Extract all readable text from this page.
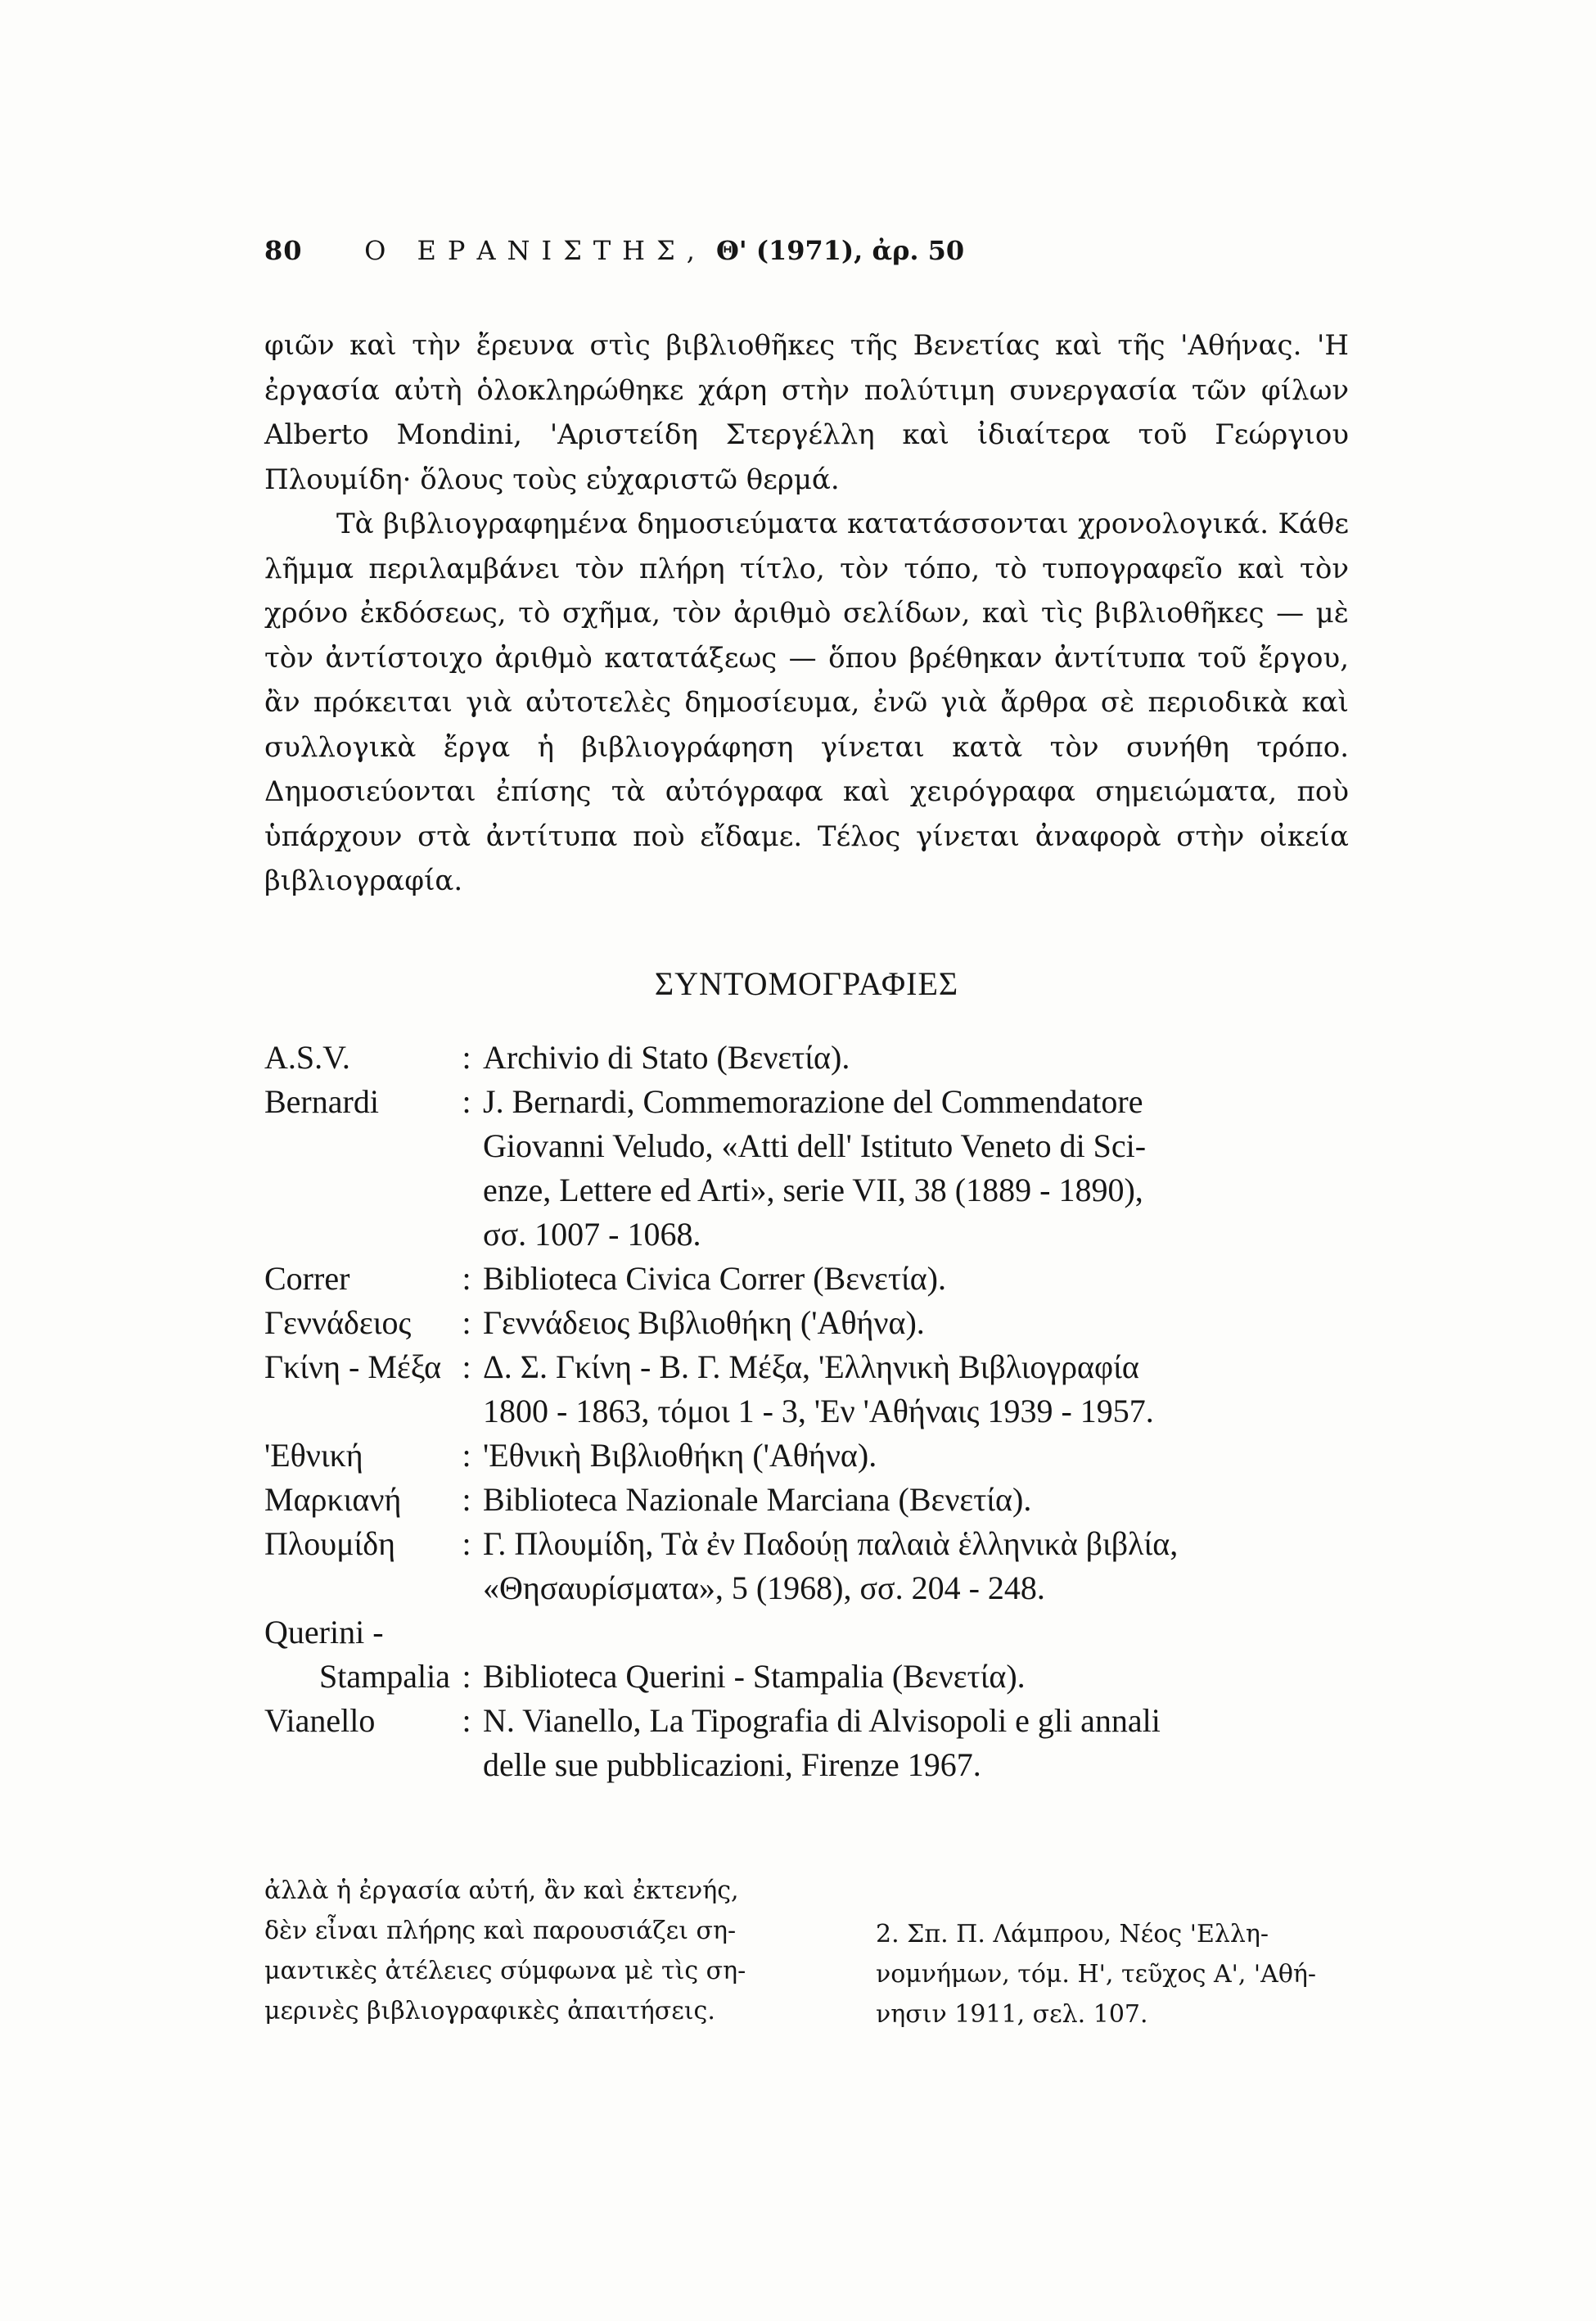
80 Ο ΕΡΑΝΙΣΤΗΣ, Θ' (1971), ἀρ. 50

φιῶν καὶ τὴν ἔρευνα στὶς βιβλιοθῆκες τῆς Βενετίας καὶ τῆς 'Αθήνας. 'Η ἐργασία αὐτὴ ὁλοκληρώθηκε χάρη στὴν πολύτιμη συνεργασία τῶν φίλων Alberto Mondini, 'Αριστείδη Στεργέλλη καὶ ἰδιαίτερα τοῦ Γεώργιου Πλουμίδη· ὅλους τοὺς εὐχαριστῶ θερμά.

Τὰ βιβλιογραφημένα δημοσιεύματα κατατάσσονται χρονολογικά. Κάθε λῆμμα περιλαμβάνει τὸν πλήρη τίτλο, τὸν τόπο, τὸ τυπογραφεῖο καὶ τὸν χρόνο ἐκδόσεως, τὸ σχῆμα, τὸν ἀριθμὸ σελίδων, καὶ τὶς βιβλιοθῆκες — μὲ τὸν ἀντίστοιχο ἀριθμὸ κατατάξεως — ὅπου βρέθηκαν ἀντίτυπα τοῦ ἔργου, ἂν πρόκειται γιὰ αὐτοτελὲς δημοσίευμα, ἐνῶ γιὰ ἄρθρα σὲ περιοδικὰ καὶ συλλογικὰ ἔργα ἡ βιβλιογράφηση γίνεται κατὰ τὸν συνήθη τρόπο. Δημοσιεύονται ἐπίσης τὰ αὐτόγραφα καὶ χειρόγραφα σημειώματα, ποὺ ὑπάρχουν στὰ ἀντίτυπα ποὺ εἴδαμε. Τέλος γίνεται ἀναφορὰ στὴν οἰκεία βιβλιογραφία.

ΣΥΝΤΟΜΟΓΡΑΦΙΕΣ
A.S.V.	: Archivio di Stato (Βενετία).
Bernardi	: J. Bernardi, Commemorazione del Commendatore
Giovanni Veludo, «Atti dell' Istituto Veneto di Sci-
enze, Lettere ed Arti», serie VII, 38 (1889 - 1890),
σσ. 1007 - 1068.
Correr	: Biblioteca Civica Correr (Βενετία).
Γεννάδειος	: Γεννάδειος Βιβλιοθήκη ('Αθήνα).
Γκίνη - Μέξα : Δ. Σ. Γκίνη - Β. Γ. Μέξα, 'Ελληνικὴ Βιβλιογραφία
1800 - 1863, τόμοι 1 - 3, 'Εν 'Αθήναις 1939 - 1957.
'Εθνική	: 'Εθνικὴ Βιβλιοθήκη ('Αθήνα).
Μαρκιανή	: Biblioteca Nazionale Marciana (Βενετία).
Πλουμίδη	: Γ. Πλουμίδη, Τὰ ἐν Παδούῃ παλαιὰ ἑλληνικὰ βιβλία,
«Θησαυρίσματα», 5 (1968), σσ. 204 - 248.
Querini -

Stampalia : Biblioteca Querini - Stampalia (Βενετία).
Vianello	: N. Vianello, La Tipografia di Alvisopoli e gli annali
delle sue pubblicazioni, Firenze 1967.
ἀλλὰ ἡ ἐργασία αὐτή, ἂν καὶ ἐκτενής,
δὲν εἶναι πλήρης καὶ παρουσιάζει ση-
μαντικὲς ἀτέλειες σύμφωνα μὲ τὶς ση-
μερινὲς βιβλιογραφικὲς ἀπαιτήσεις.
2. Σπ. Π. Λάμπρου, Νέος 'Ελλη-
νομνήμων, τόμ. Η', τεῦχος Α', 'Αθή-
νησιν 1911, σελ. 107.
